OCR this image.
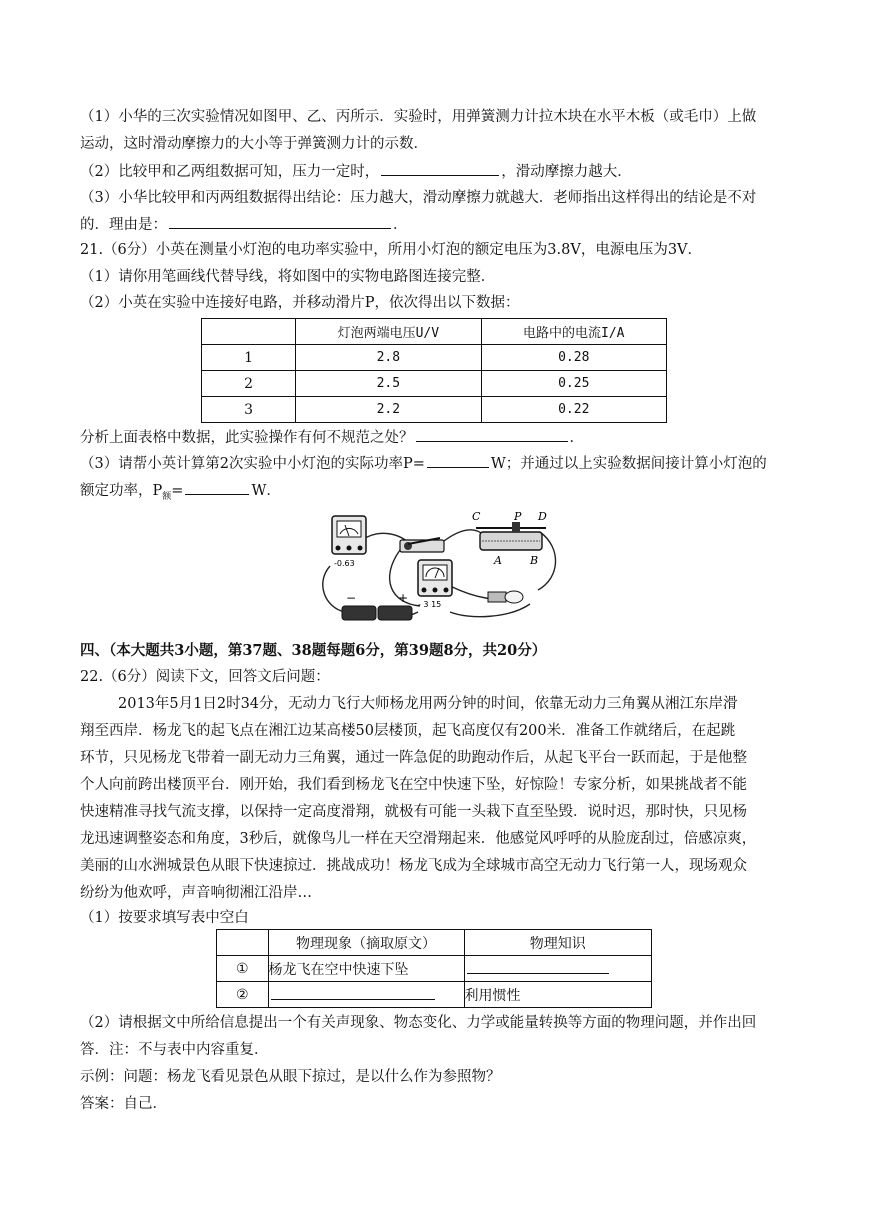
（1）小华的三次实验情况如图甲、乙、丙所示．实验时，用弹簧测力计拉木块在水平木板（或毛巾）上做
运动，这时滑动摩擦力的大小等于弹簧测力计的示数．
（2）比较甲和乙两组数据可知，压力一定时，	，滑动摩擦力越大．
（3）小华比较甲和丙两组数据得出结论：压力越大，滑动摩擦力就越大．老师指出这样得出的结论是不对
的．理由是：	．
21.（6分）小英在测量小灯泡的电功率实验中，所用小灯泡的额定电压为3.8V，电源电压为3V．
（1）请你用笔画线代替导线，将如图中的实物电路图连接完整．
（2）小英在实验中连接好电路，并移动滑片P，依次得出以下数据：
	灯泡两端电压U/V	电路中的电流I/A
1	2.8	0.28
2	2.5	0.25
3	2.2	0.22
分析上面表格中数据，此实验操作有何不规范之处？	．
（3）请帮小英计算第2次实验中小灯泡的实际功率P=	W；并通过以上实验数据间接计算小灯泡的
额定功率，$P_额=$	W．
-0.63
- 3 15
C	P D
A	B
−	+
四、（本大题共3小题，第37题、38题每题6分，第39题8分，共20分）
22.（6分）阅读下文，回答文后问题：
2013年5月1日2时34分，无动力飞行大师杨龙用两分钟的时间，依靠无动力三角翼从湘江东岸滑
翔至西岸．杨龙飞的起飞点在湘江边某高楼50层楼顶，起飞高度仅有200米．准备工作就绪后，在起跳
环节，只见杨龙飞带着一副无动力三角翼，通过一阵急促的助跑动作后，从起飞平台一跃而起，于是他整
个人向前跨出楼顶平台．刚开始，我们看到杨龙飞在空中快速下坠，好惊险！专家分析，如果挑战者不能
快速精准寻找气流支撑，以保持一定高度滑翔，就极有可能一头栽下直至坠毁．说时迟，那时快，只见杨
龙迅速调整姿态和角度，3秒后，就像鸟儿一样在天空滑翔起来．他感觉风呼呼的从脸庞刮过，倍感凉爽，
美丽的山水洲城景色从眼下快速掠过．挑战成功！杨龙飞成为全球城市高空无动力飞行第一人，现场观众
纷纷为他欢呼，声音响彻湘江沿岸…
（1）按要求填写表中空白
	物理现象（摘取原文）	物理知识
①	杨龙飞在空中快速下坠	
②		利用惯性
（2）请根据文中所给信息提出一个有关声现象、物态变化、力学或能量转换等方面的物理问题，并作出回
答．注：不与表中内容重复．
示例：问题：杨龙飞看见景色从眼下掠过，是以什么作为参照物？
答案：自己．
